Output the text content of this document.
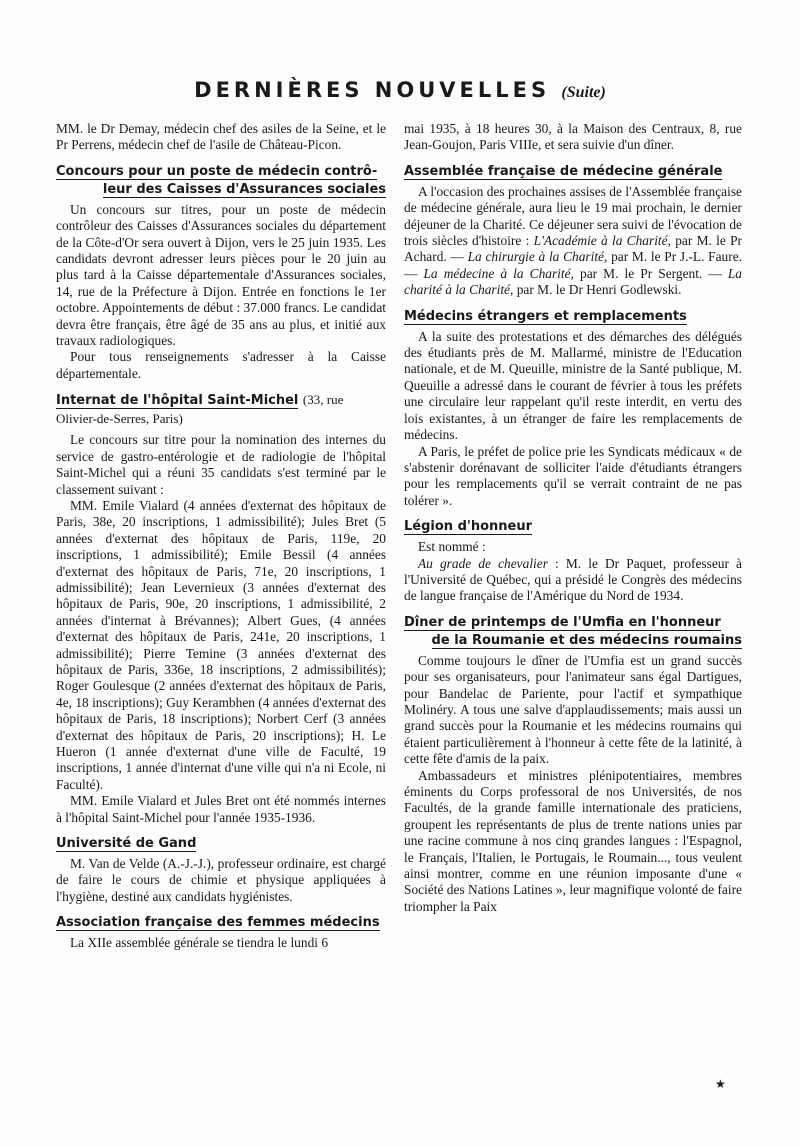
DERNIÈRES NOUVELLES (Suite)

MM. le Dr Demay, médecin chef des asiles de la Seine, et le Pr Perrens, médecin chef de l'asile de Château-Picon.

Concours pour un poste de médecin contrô-
leur des Caisses d'Assurances sociales

Un concours sur titres, pour un poste de médecin contrôleur des Caisses d'Assurances sociales du département de la Côte-d'Or sera ouvert à Dijon, vers le 25 juin 1935. Les candidats devront adresser leurs pièces pour le 20 juin au plus tard à la Caisse départementale d'Assurances sociales, 14, rue de la Préfecture à Dijon. Entrée en fonctions le 1er octobre. Appointements de début : 37.000 francs. Le candidat devra être français, être âgé de 35 ans au plus, et initié aux travaux radiologiques.

Pour tous renseignements s'adresser à la Caisse départementale.

Internat de l'hôpital Saint-Michel (33, rue Olivier-de-Serres, Paris)

Le concours sur titre pour la nomination des internes du service de gastro-entérologie et de radiologie de l'hôpital Saint-Michel qui a réuni 35 candidats s'est terminé par le classement suivant :

MM. Emile Vialard (4 années d'externat des hôpitaux de Paris, 38e, 20 inscriptions, 1 admissibilité); Jules Bret (5 années d'externat des hôpitaux de Paris, 119e, 20 inscriptions, 1 admissibilité); Emile Bessil (4 années d'externat des hôpitaux de Paris, 71e, 20 inscriptions, 1 admissibilité); Jean Levernieux (3 années d'externat des hôpitaux de Paris, 90e, 20 inscriptions, 1 admissibilité, 2 années d'internat à Brévannes); Albert Gues, (4 années d'externat des hôpitaux de Paris, 241e, 20 inscriptions, 1 admissibilité); Pierre Temine (3 années d'externat des hôpitaux de Paris, 336e, 18 inscriptions, 2 admissibilités); Roger Goulesque (2 années d'externat des hôpitaux de Paris, 4e, 18 inscriptions); Guy Kerambhen (4 années d'externat des hôpitaux de Paris, 18 inscriptions); Norbert Cerf (3 années d'externat des hôpitaux de Paris, 20 inscriptions); H. Le Hueron (1 année d'externat d'une ville de Faculté, 19 inscriptions, 1 année d'internat d'une ville qui n'a ni Ecole, ni Faculté).

MM. Emile Vialard et Jules Bret ont été nommés internes à l'hôpital Saint-Michel pour l'année 1935-1936.

Université de Gand

M. Van de Velde (A.-J.-J.), professeur ordinaire, est chargé de faire le cours de chimie et physique appliquées à l'hygiène, destiné aux candidats hygiénistes.

Association française des femmes médecins

La XIIe assemblée générale se tiendra le lundi 6

mai 1935, à 18 heures 30, à la Maison des Centraux, 8, rue Jean-Goujon, Paris VIIIe, et sera suivie d'un dîner.

Assemblée française de médecine générale

A l'occasion des prochaines assises de l'Assemblée française de médecine générale, aura lieu le 19 mai prochain, le dernier déjeuner de la Charité. Ce déjeuner sera suivi de l'évocation de trois siècles d'histoire : L'Académie à la Charité, par M. le Pr Achard. — La chirurgie à la Charité, par M. le Pr J.-L. Faure. — La médecine à la Charité, par M. le Pr Sergent. — La charité à la Charité, par M. le Dr Henri Godlewski.

Médecins étrangers et remplacements

A la suite des protestations et des démarches des délégués des étudiants près de M. Mallarmé, ministre de l'Education nationale, et de M. Queuille, ministre de la Santé publique, M. Queuille a adressé dans le courant de février à tous les préfets une circulaire leur rappelant qu'il reste interdit, en vertu des lois existantes, à un étranger de faire les remplacements de médecins.

A Paris, le préfet de police prie les Syndicats médicaux « de s'abstenir dorénavant de solliciter l'aide d'étudiants étrangers pour les remplacements qu'il se verrait contraint de ne pas tolérer ».

Légion d'honneur

Est nommé :

Au grade de chevalier : M. le Dr Paquet, professeur à l'Université de Québec, qui a présidé le Congrès des médecins de langue française de l'Amérique du Nord de 1934.

Dîner de printemps de l'Umfia en l'honneur
de la Roumanie et des médecins roumains

Comme toujours le dîner de l'Umfia est un grand succès pour ses organisateurs, pour l'animateur sans égal Dartigues, pour Bandelac de Pariente, pour l'actif et sympathique Molinéry. A tous une salve d'applaudissements; mais aussi un grand succès pour la Roumanie et les médecins roumains qui étaient particulièrement à l'honneur à cette fête de la latinité, à cette fête d'amis de la paix.

Ambassadeurs et ministres plénipotentiaires, membres éminents du Corps professoral de nos Universités, de nos Facultés, de la grande famille internationale des praticiens, groupent les représentants de plus de trente nations unies par une racine commune à nos cinq grandes langues : l'Espagnol, le Français, l'Italien, le Portugais, le Roumain..., tous veulent ainsi montrer, comme en une réunion imposante d'une « Société des Nations Latines », leur magnifique volonté de faire triompher la Paix

★
